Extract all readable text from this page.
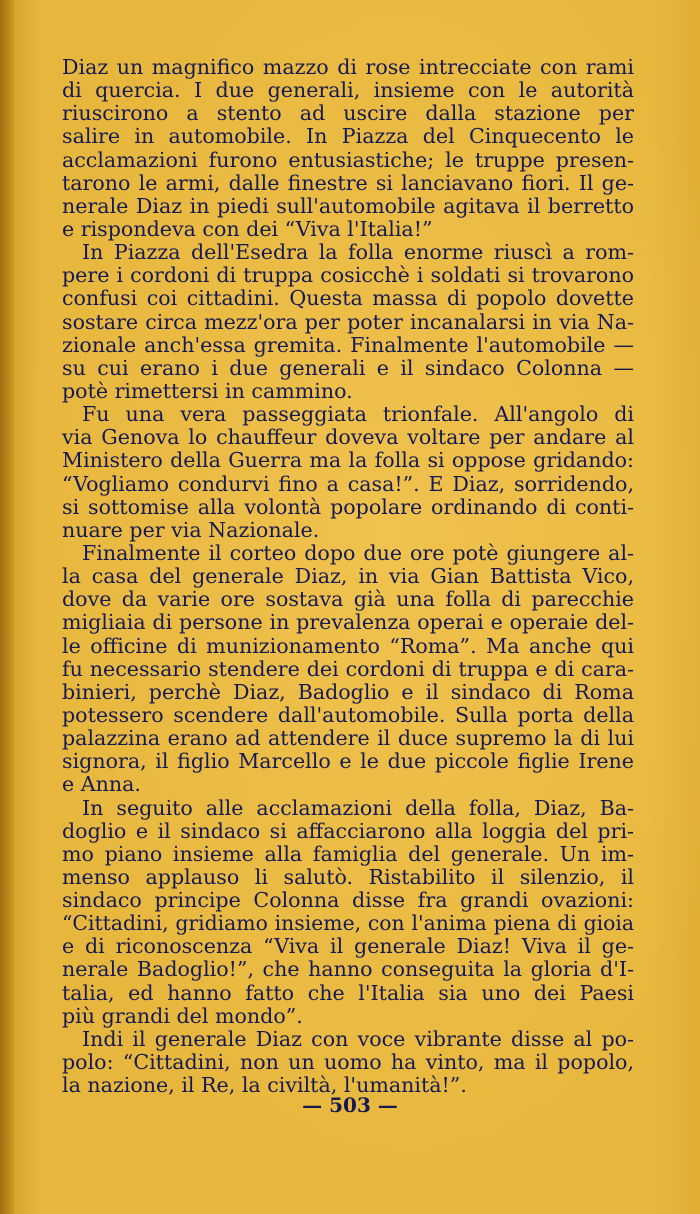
Diaz un magnifico mazzo di rose intrecciate con rami
di quercia. I due generali, insieme con le autorità
riuscirono a stento ad uscire dalla stazione per
salire in automobile. In Piazza del Cinquecento le
acclamazioni furono entusiastiche; le truppe presen-
tarono le armi, dalle finestre si lanciavano fiori. Il ge-
nerale Diaz in piedi sull'automobile agitava il berretto
e rispondeva con dei “Viva l'Italia!”
In Piazza dell'Esedra la folla enorme riuscì a rom-
pere i cordoni di truppa cosicchè i soldati si trovarono
confusi coi cittadini. Questa massa di popolo dovette
sostare circa mezz'ora per poter incanalarsi in via Na-
zionale anch'essa gremita. Finalmente l'automobile —
su cui erano i due generali e il sindaco Colonna —
potè rimettersi in cammino.
Fu una vera passeggiata trionfale. All'angolo di
via Genova lo chauffeur doveva voltare per andare al
Ministero della Guerra ma la folla si oppose gridando:
“Vogliamo condurvi fino a casa!”. E Diaz, sorridendo,
si sottomise alla volontà popolare ordinando di conti-
nuare per via Nazionale.
Finalmente il corteo dopo due ore potè giungere al-
la casa del generale Diaz, in via Gian Battista Vico,
dove da varie ore sostava già una folla di parecchie
migliaia di persone in prevalenza operai e operaie del-
le officine di munizionamento “Roma”. Ma anche qui
fu necessario stendere dei cordoni di truppa e di cara-
binieri, perchè Diaz, Badoglio e il sindaco di Roma
potessero scendere dall'automobile. Sulla porta della
palazzina erano ad attendere il duce supremo la di lui
signora, il figlio Marcello e le due piccole figlie Irene
e Anna.
In seguito alle acclamazioni della folla, Diaz, Ba-
doglio e il sindaco si affacciarono alla loggia del pri-
mo piano insieme alla famiglia del generale. Un im-
menso applauso li salutò. Ristabilito il silenzio, il
sindaco principe Colonna disse fra grandi ovazioni:
“Cittadini, gridiamo insieme, con l'anima piena di gioia
e di riconoscenza “Viva il generale Diaz! Viva il ge-
nerale Badoglio!”, che hanno conseguita la gloria d'I-
talia, ed hanno fatto che l'Italia sia uno dei Paesi
più grandi del mondo”.
Indi il generale Diaz con voce vibrante disse al po-
polo: “Cittadini, non un uomo ha vinto, ma il popolo,
la nazione, il Re, la civiltà, l'umanità!”.
— 503 —
